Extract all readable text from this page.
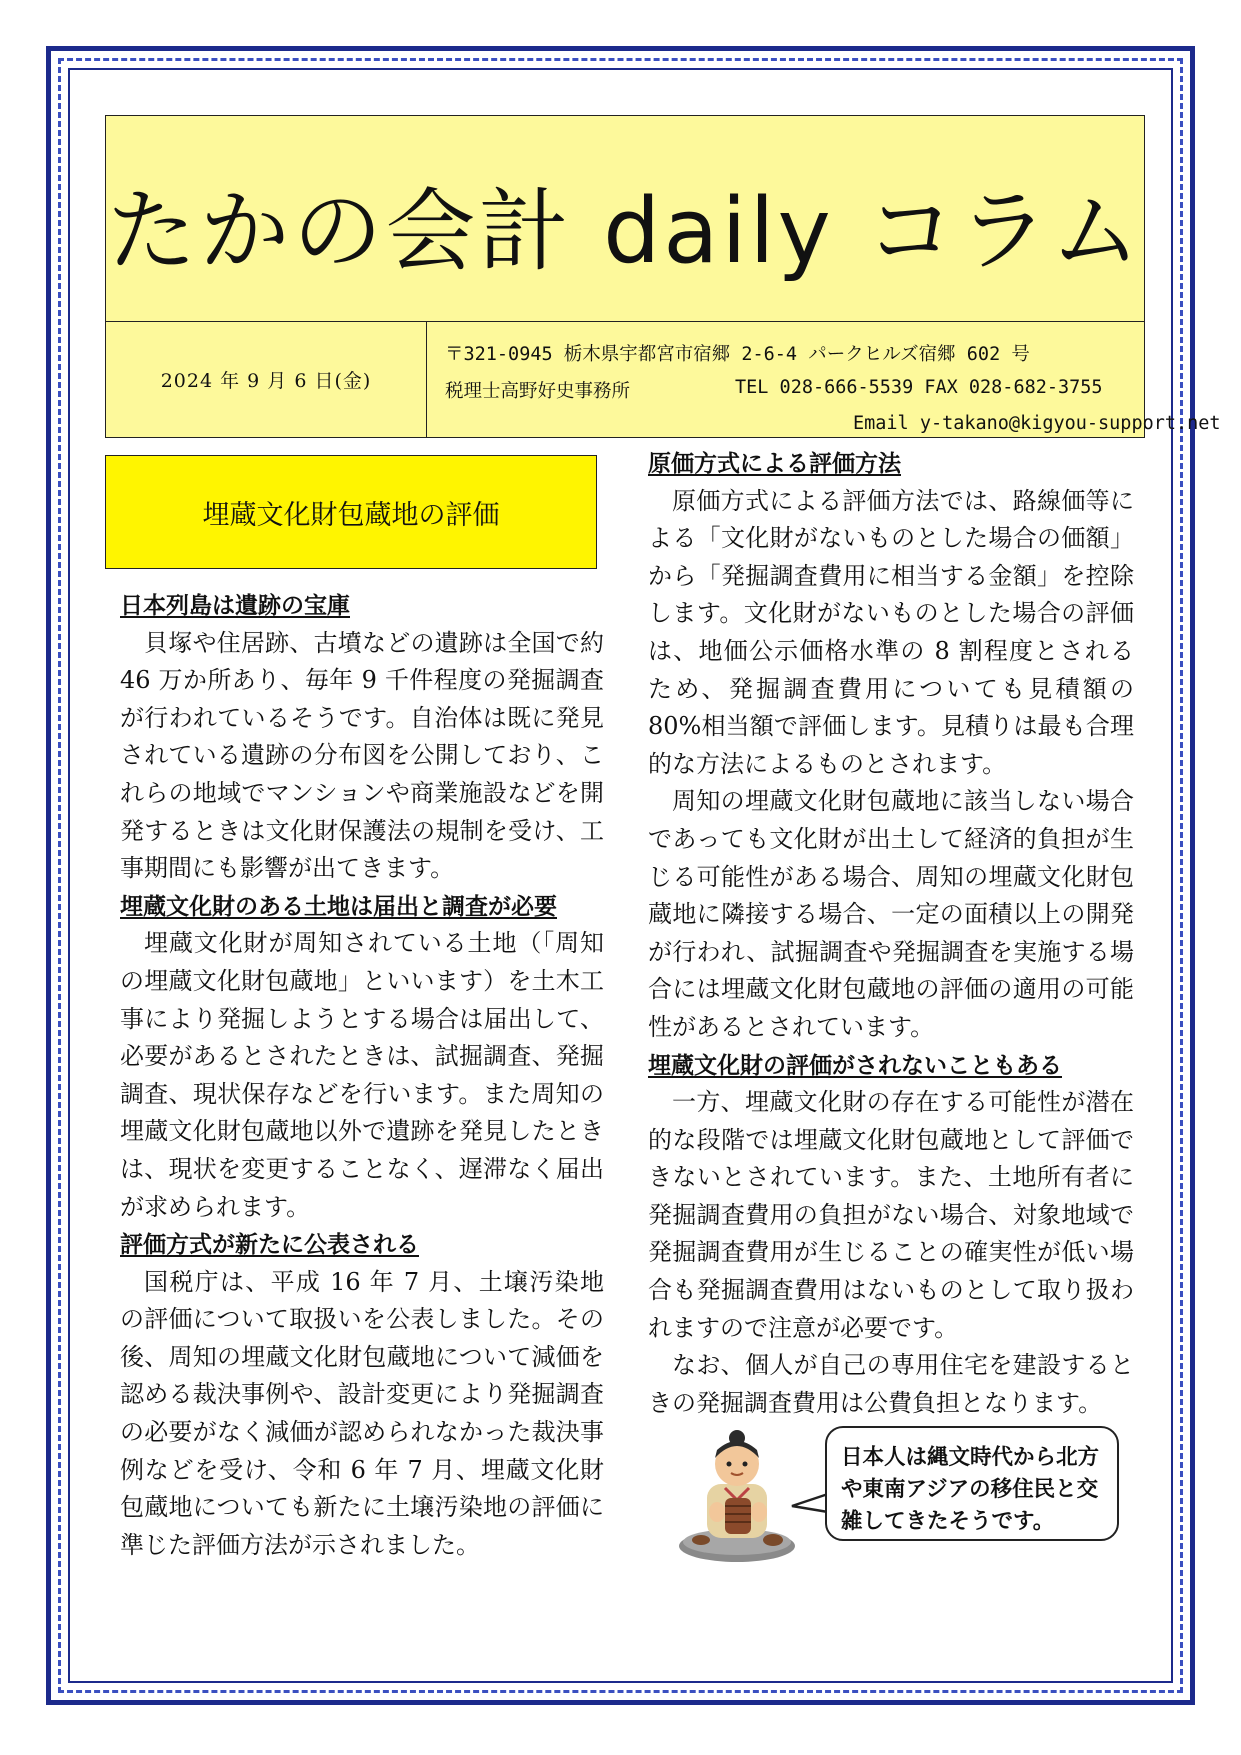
たかの会計 daily コラム
2024 年 9 月 6 日(金)
〒321-0945 栃木県宇都宮市宿郷 2-6-4 パークヒルズ宿郷 602 号
税理士高野好史事務所	TEL 028-666-5539 FAX 028-682-3755
Email y-takano@kigyou-support.net
埋蔵文化財包蔵地の評価
日本列島は遺跡の宝庫
貝塚や住居跡、古墳などの遺跡は全国で約 46 万か所あり、毎年 9 千件程度の発掘調査が行われているそうです。自治体は既に発見されている遺跡の分布図を公開しており、これらの地域でマンションや商業施設などを開発するときは文化財保護法の規制を受け、工事期間にも影響が出てきます。
埋蔵文化財のある土地は届出と調査が必要
埋蔵文化財が周知されている土地（「周知の埋蔵文化財包蔵地」といいます）を土木工事により発掘しようとする場合は届出して、必要があるとされたときは、試掘調査、発掘調査、現状保存などを行います。また周知の埋蔵文化財包蔵地以外で遺跡を発見したときは、現状を変更することなく、遅滞なく届出が求められます。
評価方式が新たに公表される
国税庁は、平成 16 年 7 月、土壌汚染地の評価について取扱いを公表しました。その後、周知の埋蔵文化財包蔵地について減価を認める裁決事例や、設計変更により発掘調査の必要がなく減価が認められなかった裁決事例などを受け、令和 6 年 7 月、埋蔵文化財包蔵地についても新たに土壌汚染地の評価に準じた評価方法が示されました。
原価方式による評価方法
原価方式による評価方法では、路線価等による「文化財がないものとした場合の価額」から「発掘調査費用に相当する金額」を控除します。文化財がないものとした場合の評価は、地価公示価格水準の 8 割程度とされるため、発掘調査費用についても見積額の 80%相当額で評価します。見積りは最も合理的な方法によるものとされます。
周知の埋蔵文化財包蔵地に該当しない場合であっても文化財が出土して経済的負担が生じる可能性がある場合、周知の埋蔵文化財包蔵地に隣接する場合、一定の面積以上の開発が行われ、試掘調査や発掘調査を実施する場合には埋蔵文化財包蔵地の評価の適用の可能性があるとされています。
埋蔵文化財の評価がされないこともある
一方、埋蔵文化財の存在する可能性が潜在的な段階では埋蔵文化財包蔵地として評価できないとされています。また、土地所有者に発掘調査費用の負担がない場合、対象地域で発掘調査費用が生じることの確実性が低い場合も発掘調査費用はないものとして取り扱われますので注意が必要です。
なお、個人が自己の専用住宅を建設するときの発掘調査費用は公費負担となります。
日本人は縄文時代から北方や東南アジアの移住民と交雑してきたそうです。
